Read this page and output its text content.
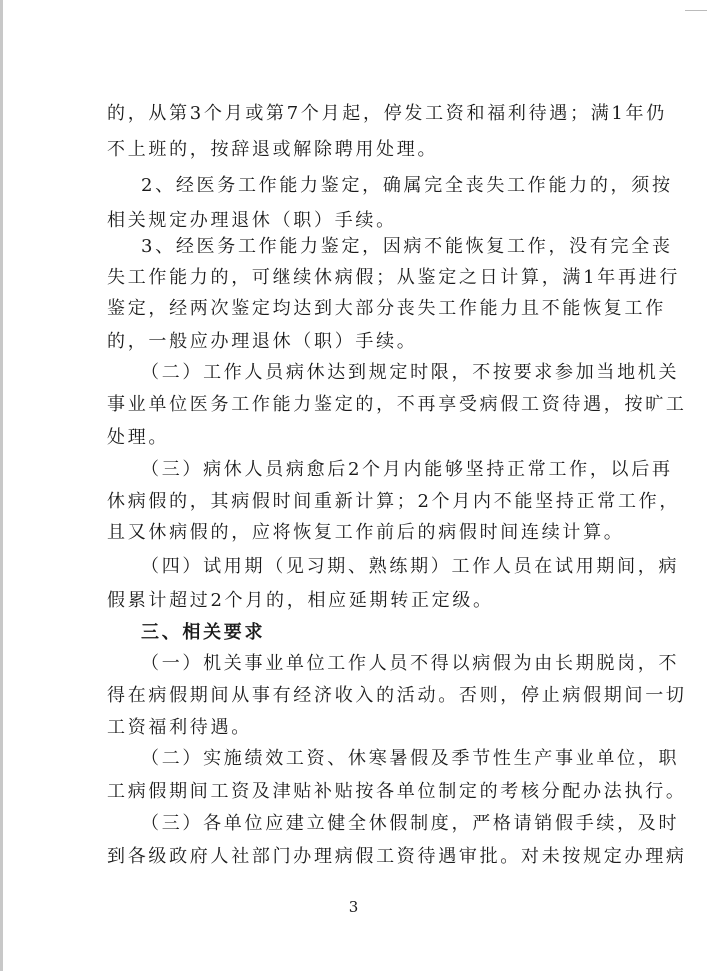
的，从第3个月或第7个月起，停发工资和福利待遇；满1年仍
不上班的，按辞退或解除聘用处理。
2、经医务工作能力鉴定，确属完全丧失工作能力的，须按
相关规定办理退休（职）手续。
3、经医务工作能力鉴定，因病不能恢复工作，没有完全丧
失工作能力的，可继续休病假；从鉴定之日计算，满1年再进行
鉴定，经两次鉴定均达到大部分丧失工作能力且不能恢复工作
的，一般应办理退休（职）手续。
（二）工作人员病休达到规定时限，不按要求参加当地机关
事业单位医务工作能力鉴定的，不再享受病假工资待遇，按旷工
处理。
（三）病休人员病愈后2个月内能够坚持正常工作，以后再
休病假的，其病假时间重新计算；2个月内不能坚持正常工作，
且又休病假的，应将恢复工作前后的病假时间连续计算。
（四）试用期（见习期、熟练期）工作人员在试用期间，病
假累计超过2个月的，相应延期转正定级。
三、相关要求
（一）机关事业单位工作人员不得以病假为由长期脱岗，不
得在病假期间从事有经济收入的活动。否则，停止病假期间一切
工资福利待遇。
（二）实施绩效工资、休寒暑假及季节性生产事业单位，职
工病假期间工资及津贴补贴按各单位制定的考核分配办法执行。
（三）各单位应建立健全休假制度，严格请销假手续，及时
到各级政府人社部门办理病假工资待遇审批。对未按规定办理病
3
